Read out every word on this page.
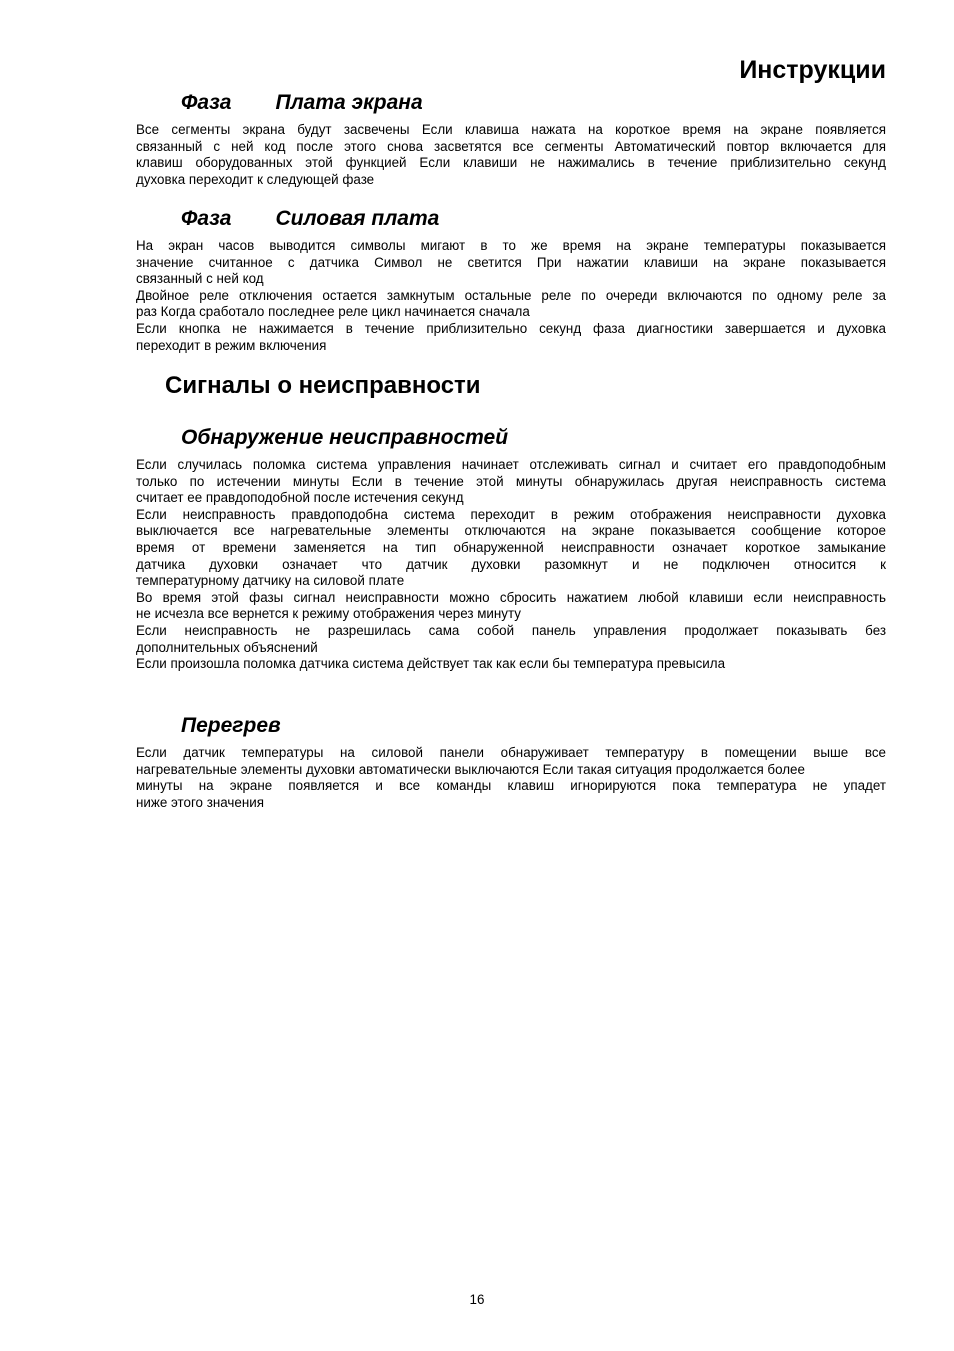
Инструкции
Фаза Плата экрана
Все сегменты экрана будут засвечены Если клавиша нажата на короткое время на экране появляется
связанный с ней код после этого снова засветятся все сегменты Автоматический повтор включается для
клавиш оборудованных этой функцией Если клавиши не нажимались в течение приблизительно секунд
духовка переходит к следующей фазе
Фаза Силовая плата
На экран часов выводится символы мигают в то же время на экране температуры показывается
значение считанное с датчика Символ не светится При нажатии клавиши на экране показывается
связанный с ней код
Двойное реле отключения остается замкнутым остальные реле по очереди включаются по одному реле за
раз Когда сработало последнее реле цикл начинается сначала
Если кнопка не нажимается в течение приблизительно секунд фаза диагностики завершается и духовка
переходит в режим включения
Сигналы о неисправности
Обнаружение неисправностей
Если случилась поломка система управления начинает отслеживать сигнал и считает его правдоподобным
только по истечении минуты Если в течение этой минуты обнаружилась другая неисправность система
считает ее правдоподобной после истечения секунд
Если неисправность правдоподобна система переходит в режим отображения неисправности духовка
выключается все нагревательные элементы отключаются на экране показывается сообщение которое
время от времени заменяется на тип обнаруженной неисправности означает короткое замыкание
датчика духовки означает что датчик духовки разомкнут и не подключен относится к
температурному датчику на силовой плате
Во время этой фазы сигнал неисправности можно сбросить нажатием любой клавиши если неисправность
не исчезла все вернется к режиму отображения через минуту
Если неисправность не разрешилась сама собой панель управления продолжает показывать без
дополнительных объяснений
Если произошла поломка датчика система действует так как если бы температура превысила
Перегрев
Если датчик температуры на силовой панели обнаруживает температуру в помещении выше все
нагревательные элементы духовки автоматически выключаются Если такая ситуация продолжается более
минуты на экране появляется и все команды клавиш игнорируются пока температура не упадет
ниже этого значения
16
